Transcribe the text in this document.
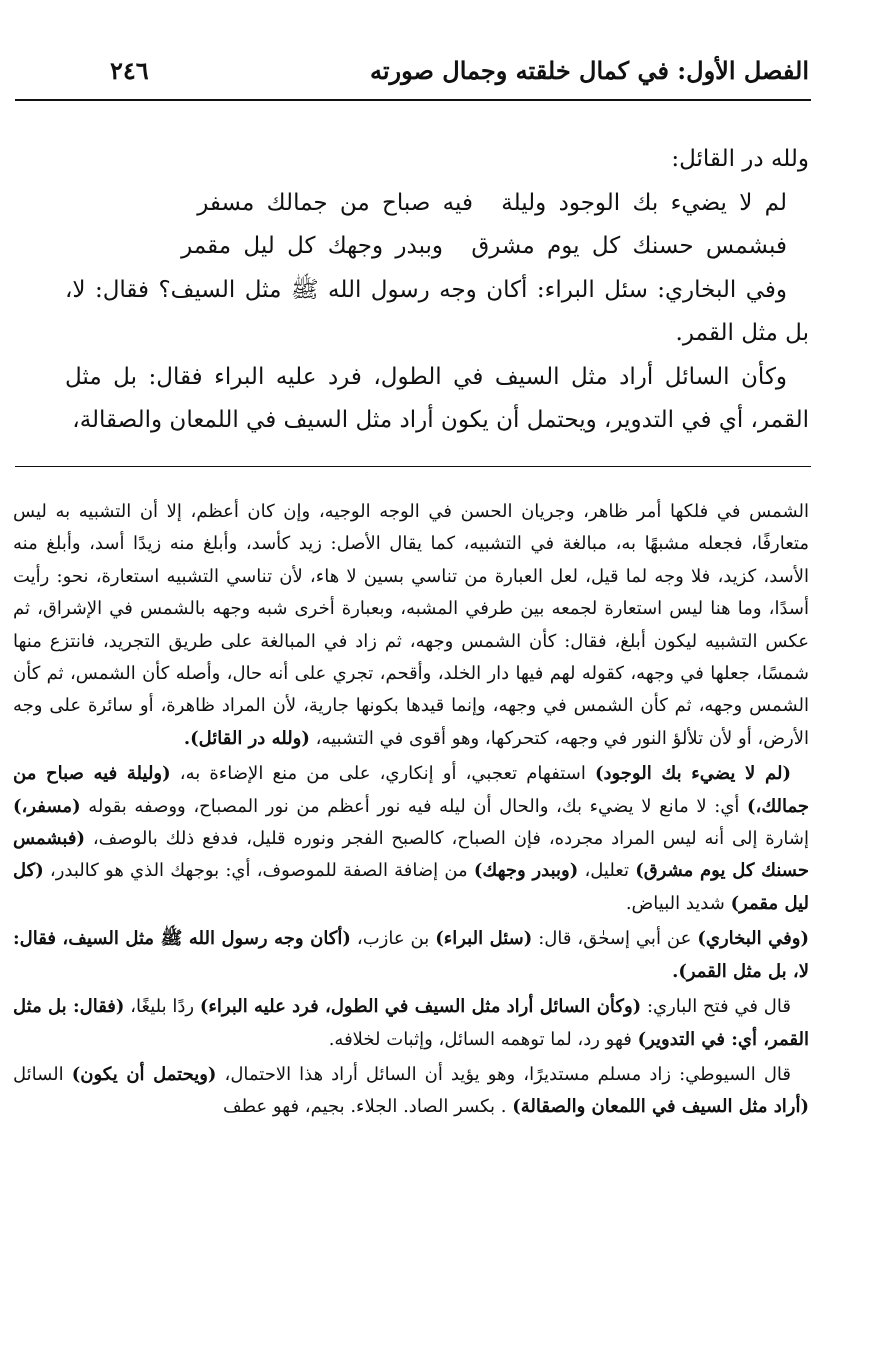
الفصل الأول: في كمال خلقته وجمال صورته
٢٤٦

ولله در القائل:

لم لا يضيء بك الوجود وليلة فيه صباح من جمالك مسفر
فبشمس حسنك كل يوم مشرق وببدر وجهك كل ليل مقمر

وفي البخاري: سئل البراء: أكان وجه رسول الله ﷺ مثل السيف؟ فقال: لا، بل مثل القمر.

وكأن السائل أراد مثل السيف في الطول، فرد عليه البراء فقال: بل مثل القمر، أي في التدوير، ويحتمل أن يكون أراد مثل السيف في اللمعان والصقالة،

الشمس في فلكها أمر ظاهر، وجريان الحسن في الوجه الوجيه، وإن كان أعظم، إلا أن التشبيه به ليس متعارفًا، فجعله مشبهًا به، مبالغة في التشبيه، كما يقال الأصل: زيد كأسد، وأبلغ منه زيدًا أسد، وأبلغ منه الأسد، كزيد، فلا وجه لما قيل، لعل العبارة من تناسي بسين لا هاء، لأن تناسي التشبيه استعارة، نحو: رأيت أسدًا، وما هنا ليس استعارة لجمعه بين طرفي المشبه، وبعبارة أخرى شبه وجهه بالشمس في الإشراق، ثم عكس التشبيه ليكون أبلغ، فقال: كأن الشمس وجهه، ثم زاد في المبالغة على طريق التجريد، فانتزع منها شمسًا، جعلها في وجهه، كقوله لهم فيها دار الخلد، وأقحم، تجري على أنه حال، وأصله كأن الشمس، ثم كأن الشمس وجهه، ثم كأن الشمس في وجهه، وإنما قيدها بكونها جارية، لأن المراد ظاهرة، أو سائرة على وجه الأرض، أو لأن تلألؤ النور في وجهه، كتحركها، وهو أقوى في التشبيه، (ولله در القائل).

(لم لا يضيء بك الوجود) استفهام تعجبي، أو إنكاري، على من منع الإضاءة به، (وليلة فيه صباح من جمالك،) أي: لا مانع لا يضيء بك، والحال أن ليله فيه نور أعظم من نور المصباح، ووصفه بقوله (مسفر،) إشارة إلى أنه ليس المراد مجرده، فإن الصباح، كالصبح الفجر ونوره قليل، فدفع ذلك بالوصف، (فبشمس حسنك كل يوم مشرق) تعليل، (وببدر وجهك) من إضافة الصفة للموصوف، أي: بوجهك الذي هو كالبدر، (كل ليل مقمر) شديد البياض.

(وفي البخاري) عن أبي إسحٰق، قال: (سئل البراء) بن عازب، (أكان وجه رسول الله ﷺ مثل السيف، فقال: لا، بل مثل القمر).

قال في فتح الباري: (وكأن السائل أراد مثل السيف في الطول، فرد عليه البراء) ردًا بليغًا، (فقال: بل مثل القمر، أي: في التدوير) فهو رد، لما توهمه السائل، وإثبات لخلافه.

قال السيوطي: زاد مسلم مستديرًا، وهو يؤيد أن السائل أراد هذا الاحتمال، (ويحتمل أن يكون) السائل (أراد مثل السيف في اللمعان والصقالة) . بكسر الصاد. الجلاء. بجيم، فهو عطف
